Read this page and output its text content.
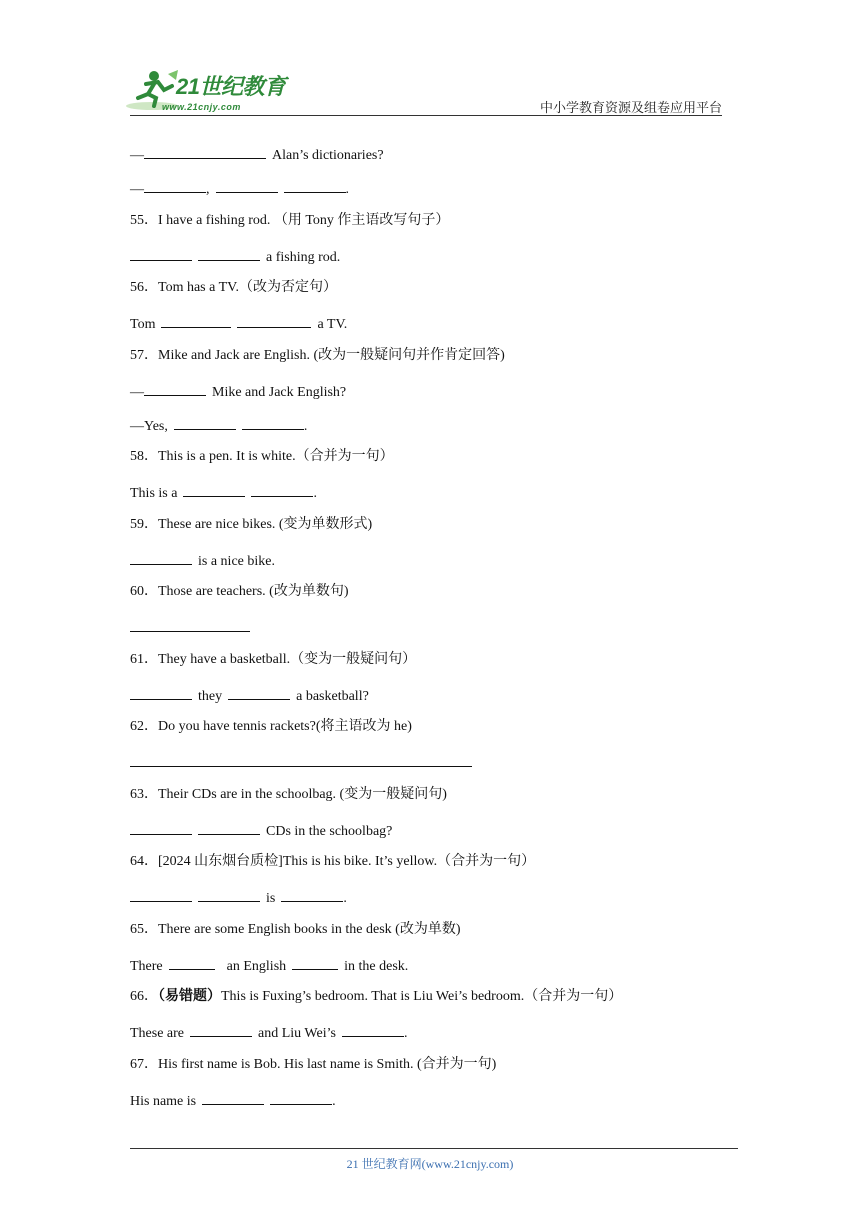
21世纪教育
www.21cnjy.com	中小学教育资源及组卷应用平台
—	Alan’s dictionaries?
—	,	.
55．I have a fishing rod. （用 Tony 作主语改写句子）
a fishing rod.
56．Tom has a TV.（改为否定句）
Tom	a TV.
57．Mike and Jack are English. (改为一般疑问句并作肯定回答)
—	Mike and Jack English?
—Yes,	.
58．This is a pen. It is white.（合并为一句）
This is a	.
59．These are nice bikes. (变为单数形式)
is a nice bike.
60．Those are teachers. (改为单数句)
61．They have a basketball.（变为一般疑问句）
they	a basketball?
62．Do you have tennis rackets?(将主语改为 he)
63．Their CDs are in the schoolbag. (变为一般疑问句)
CDs in the schoolbag?
64．[2024 山东烟台质检]This is his bike. It’s yellow.（合并为一句）
is	.
65．There are some English books in the desk (改为单数)
There	an English	in the desk.
66．（易错题）This is Fuxing’s bedroom. That is Liu Wei’s bedroom.（合并为一句）
These are	and Liu Wei’s	.
67．His first name is Bob. His last name is Smith. (合并为一句)
His name is	.
21 世纪教育网(www.21cnjy.com)
